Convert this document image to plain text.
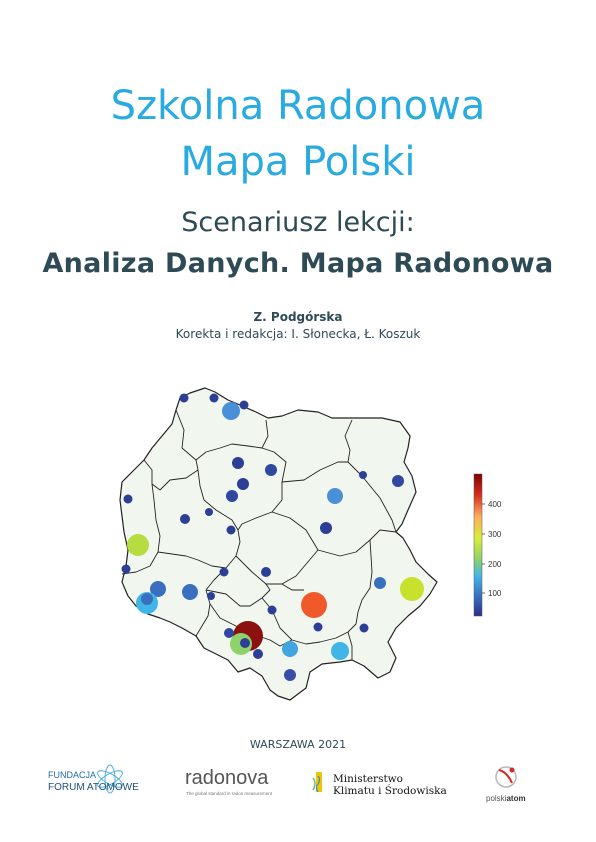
Szkolna Radonowa
Mapa Polski
Scenariusz lekcji:
Analiza Danych. Mapa Radonowa
Z. Podgórska
Korekta i redakcja: I. Słonecka, Ł. Koszuk
400
300
200
100
FUNDACJA
FORUM ATOMOWE radonova
The global standard in radon measurement
Ministerstwo
Klimatu i Środowiska
polskiatom
WARSZAWA 2021
